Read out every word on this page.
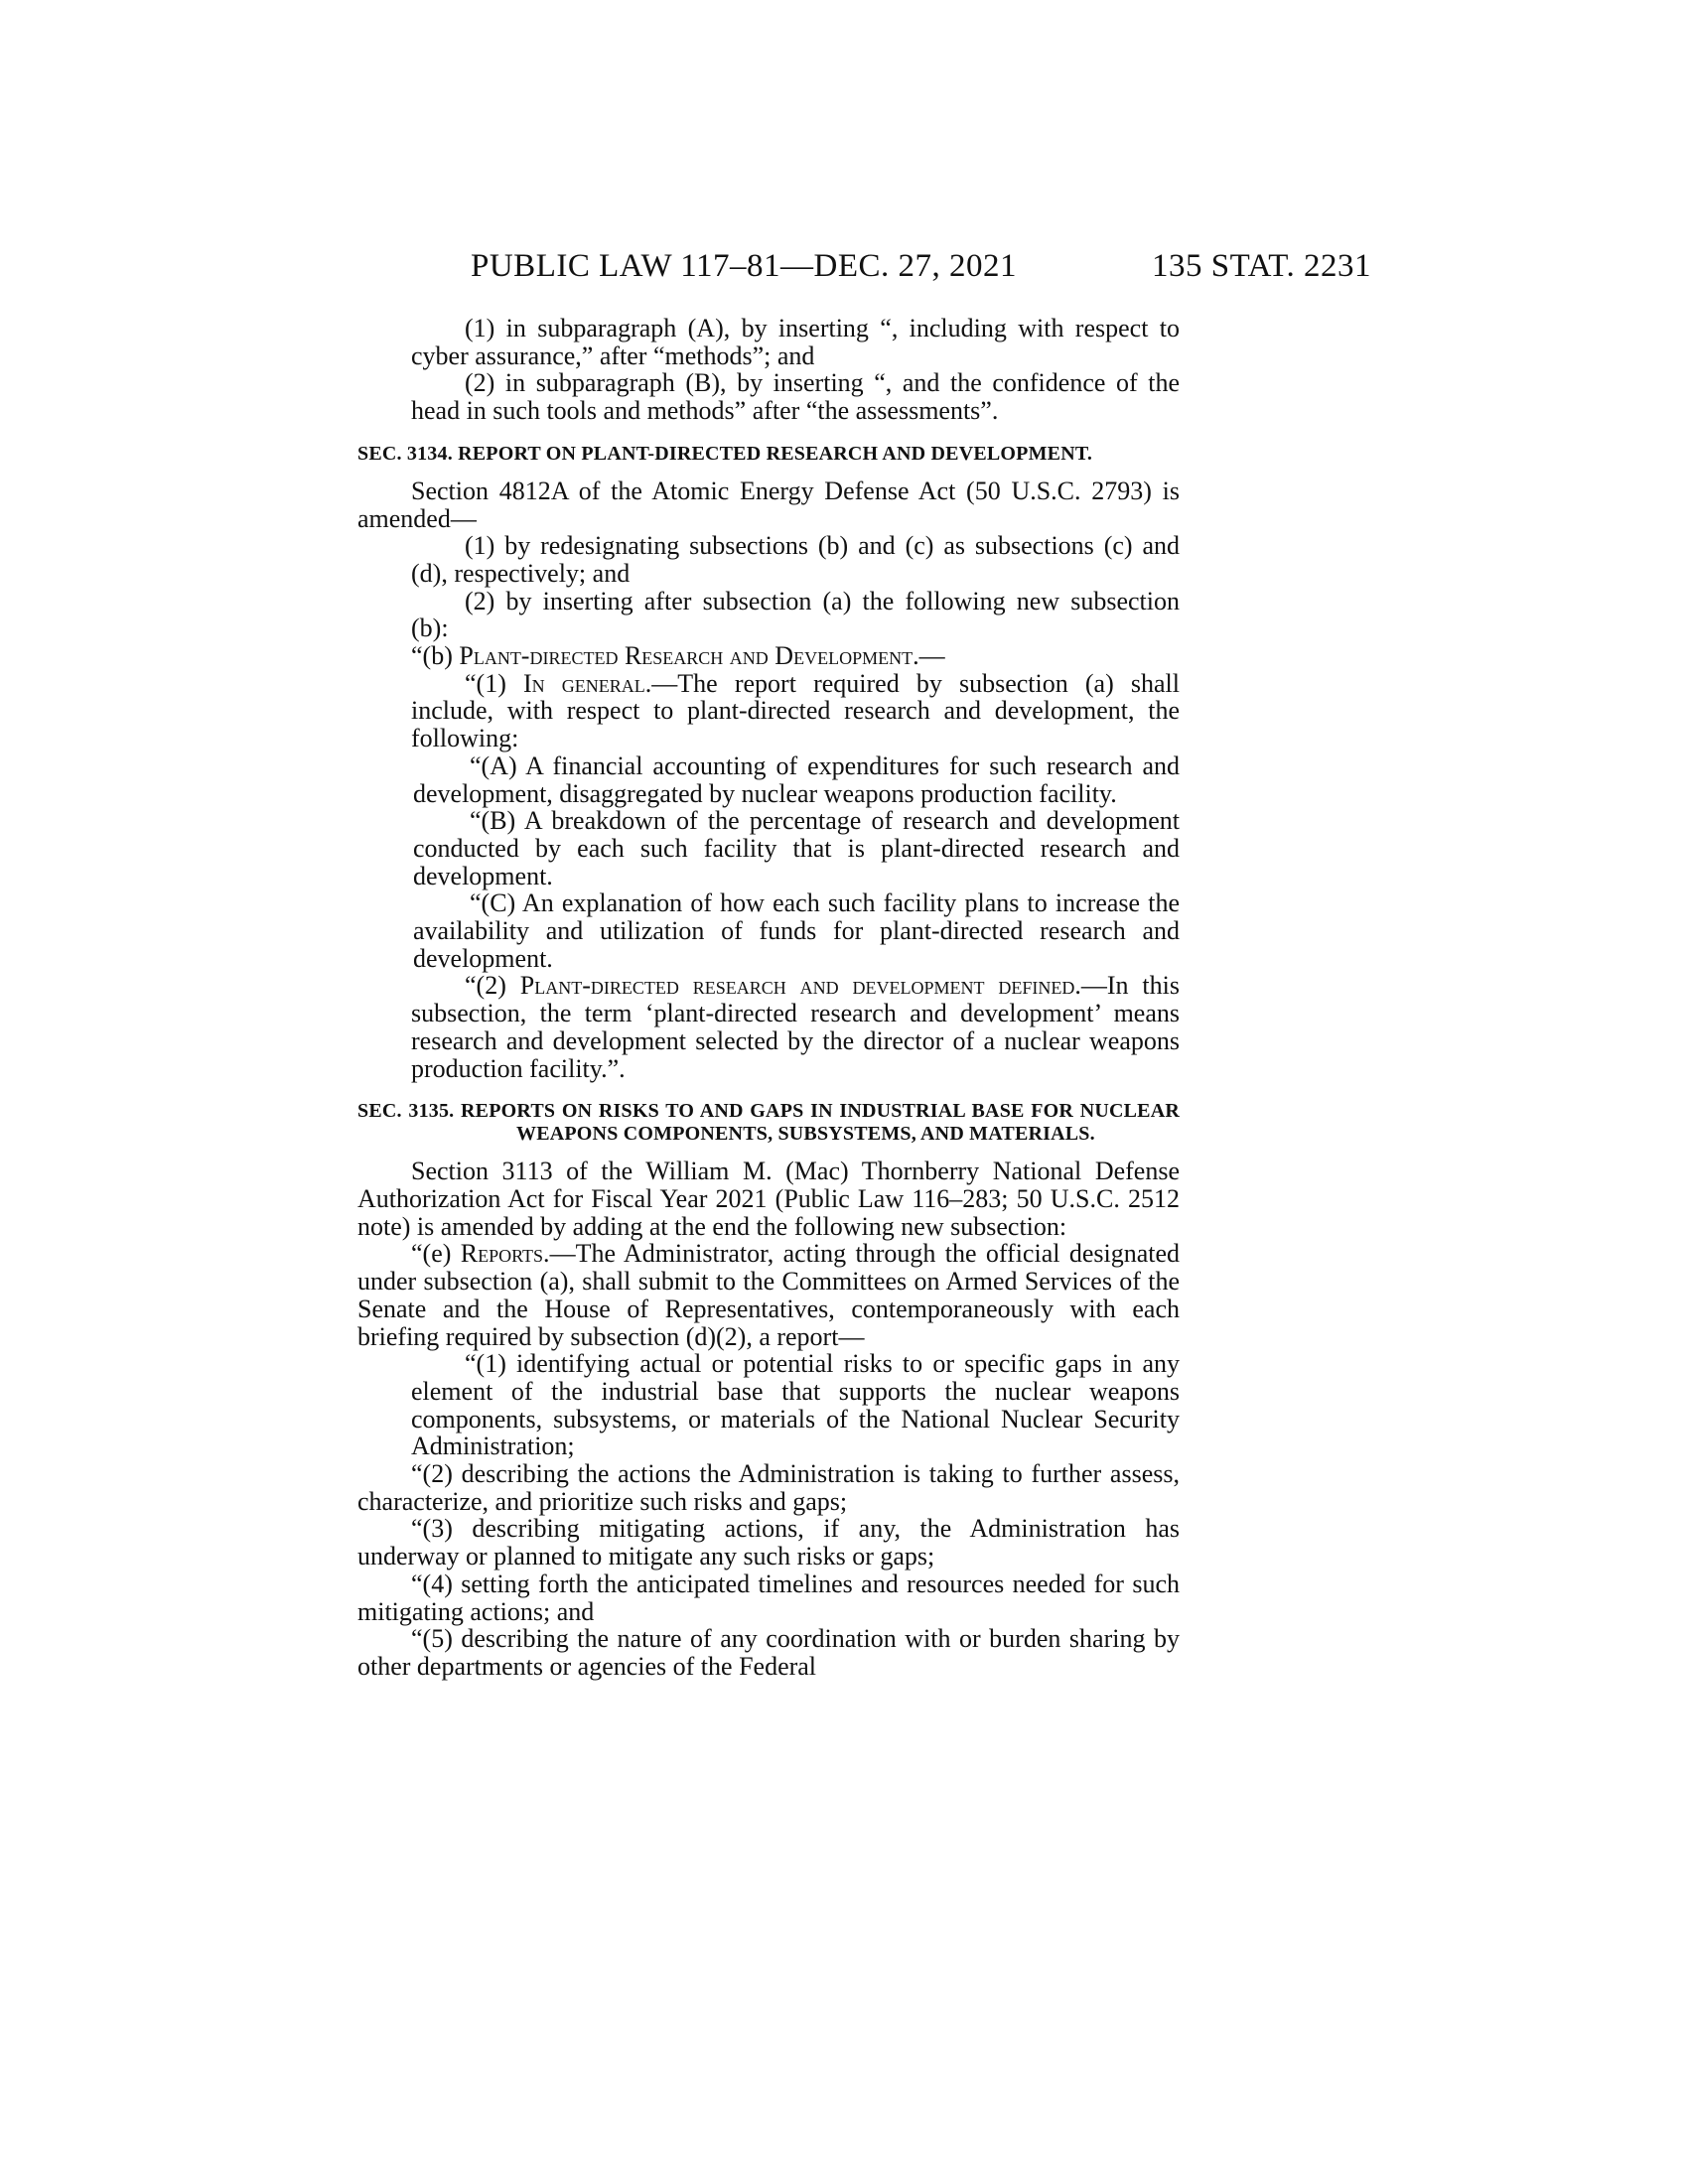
PUBLIC LAW 117–81—DEC. 27, 2021	135 STAT. 2231

(1) in subparagraph (A), by inserting “, including with respect to cyber assurance,” after “methods”; and

(2) in subparagraph (B), by inserting “, and the confidence of the head in such tools and methods” after “the assessments”.

SEC. 3134. REPORT ON PLANT-DIRECTED RESEARCH AND DEVELOPMENT.

Section 4812A of the Atomic Energy Defense Act (50 U.S.C. 2793) is amended—

(1) by redesignating subsections (b) and (c) as subsections (c) and (d), respectively; and

(2) by inserting after subsection (a) the following new subsection (b):

“(b) Plant-directed Research and Development.—

“(1) In general.—The report required by subsection (a) shall include, with respect to plant-directed research and development, the following:

“(A) A financial accounting of expenditures for such research and development, disaggregated by nuclear weapons production facility.

“(B) A breakdown of the percentage of research and development conducted by each such facility that is plant-directed research and development.

“(C) An explanation of how each such facility plans to increase the availability and utilization of funds for plant-directed research and development.

“(2) Plant-directed research and development defined.—In this subsection, the term ‘plant-directed research and development’ means research and development selected by the director of a nuclear weapons production facility.”.

SEC. 3135. REPORTS ON RISKS TO AND GAPS IN INDUSTRIAL BASE FOR NUCLEAR WEAPONS COMPONENTS, SUBSYSTEMS, AND MATERIALS.

Section 3113 of the William M. (Mac) Thornberry National Defense Authorization Act for Fiscal Year 2021 (Public Law 116–283; 50 U.S.C. 2512 note) is amended by adding at the end the following new subsection:

“(e) Reports.—The Administrator, acting through the official designated under subsection (a), shall submit to the Committees on Armed Services of the Senate and the House of Representatives, contemporaneously with each briefing required by subsection (d)(2), a report—

“(1) identifying actual or potential risks to or specific gaps in any element of the industrial base that supports the nuclear weapons components, subsystems, or materials of the National Nuclear Security Administration;

“(2) describing the actions the Administration is taking to further assess, characterize, and prioritize such risks and gaps;

“(3) describing mitigating actions, if any, the Administration has underway or planned to mitigate any such risks or gaps;

“(4) setting forth the anticipated timelines and resources needed for such mitigating actions; and

“(5) describing the nature of any coordination with or burden sharing by other departments or agencies of the Federal
